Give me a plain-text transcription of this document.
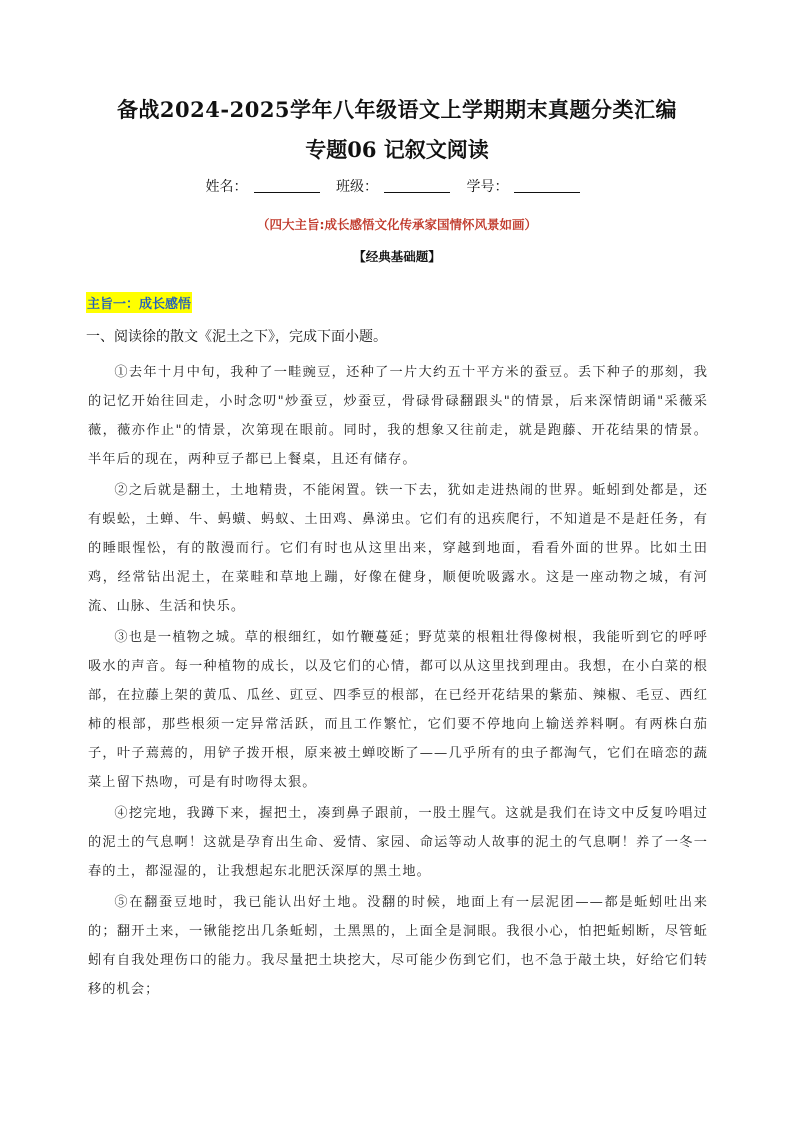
备战2024-2025学年八年级语文上学期期末真题分类汇编
专题06 记叙文阅读
姓名：	班级：	学号：
（四大主旨:成长感悟文化传承家国情怀风景如画）
【经典基础题】
主旨一：成长感悟
一、阅读徐的散文《泥土之下》，完成下面小题。

①去年十月中旬，我种了一畦豌豆，还种了一片大约五十平方米的蚕豆。丢下种子的那刻，我的记忆开始往回走，小时念叨"炒蚕豆，炒蚕豆，骨碌骨碌翻跟头"的情景，后来深情朗诵"采薇采薇，薇亦作止"的情景，次第现在眼前。同时，我的想象又往前走，就是跑藤、开花结果的情景。半年后的现在，两种豆子都已上餐桌，且还有储存。

②之后就是翻土，土地精贵，不能闲置。铁一下去，犹如走进热闹的世界。蚯蚓到处都是，还有蜈蚣，土蝉、牛、蚂蟥、蚂蚁、土田鸡、鼻涕虫。它们有的迅疾爬行，不知道是不是赶任务，有的睡眼惺忪，有的散漫而行。它们有时也从这里出来，穿越到地面，看看外面的世界。比如土田鸡，经常钻出泥土，在菜畦和草地上蹦，好像在健身，顺便吮吸露水。这是一座动物之城，有河流、山脉、生活和快乐。

③也是一植物之城。草的根细红，如竹鞭蔓延；野苋菜的根粗壮得像树根，我能听到它的呼呼吸水的声音。每一种植物的成长，以及它们的心情，都可以从这里找到理由。我想，在小白菜的根部，在拉藤上架的黄瓜、瓜丝、豇豆、四季豆的根部，在已经开花结果的紫茄、辣椒、毛豆、西红柿的根部，那些根须一定异常活跃，而且工作繁忙，它们要不停地向上输送养料啊。有两株白茄子，叶子蔫蔫的，用铲子拨开根，原来被土蝉咬断了——几乎所有的虫子都淘气，它们在暗恋的蔬菜上留下热吻，可是有时吻得太狠。

④挖完地，我蹲下来，握把土，凑到鼻子跟前，一股土腥气。这就是我们在诗文中反复吟唱过的泥土的气息啊！这就是孕育出生命、爱情、家园、命运等动人故事的泥土的气息啊！养了一冬一春的土，都湿湿的，让我想起东北肥沃深厚的黑土地。

⑤在翻蚕豆地时，我已能认出好土地。没翻的时候，地面上有一层泥团——都是蚯蚓吐出来的；翻开土来，一锹能挖出几条蚯蚓，土黑黑的，上面全是洞眼。我很小心，怕把蚯蚓断，尽管蚯蚓有自我处理伤口的能力。我尽量把土块挖大，尽可能少伤到它们，也不急于敲土块，好给它们转移的机会；
